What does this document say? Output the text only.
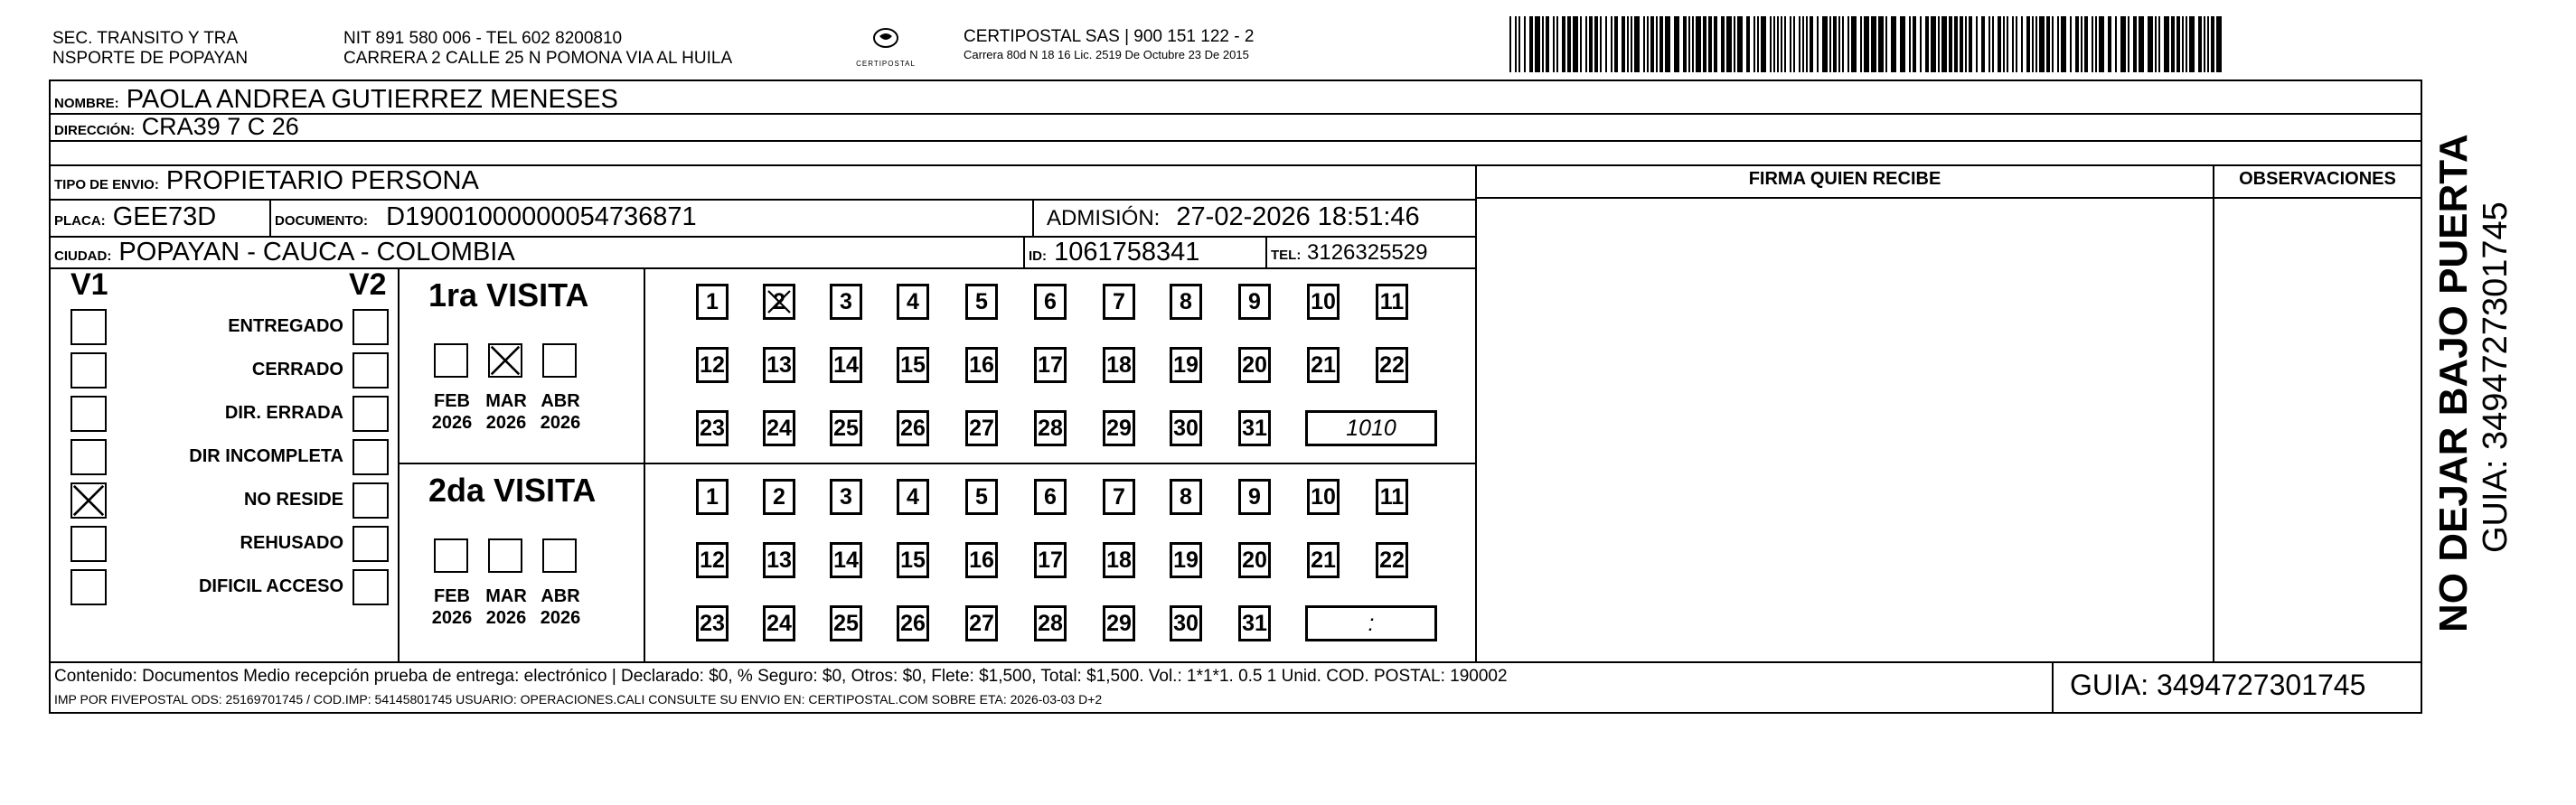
SEC. TRANSITO Y TRA
NSPORTE DE POPAYAN
NIT 891 580 006 - TEL 602 8200810
CARRERA 2 CALLE 25 N POMONA VIA AL HUILA	CERTIPOSTAL
CERTIPOSTAL SAS | 900 151 122 - 2
Carrera 80d N 18 16 Lic. 2519 De Octubre 23 De 2015
NOMBRE: PAOLA ANDREA GUTIERREZ MENESES
DIRECCIÓN: CRA39 7 C 26
TIPO DE ENVIO: PROPIETARIO PERSONA
PLACA: GEE73D	DOCUMENTO: D19001000000054736871	ADMISIÓN: 27-02-2026 18:51:46
CIUDAD: POPAYAN - CAUCA - COLOMBIA	ID: 1061758341	TEL: 3126325529
FIRMA QUIEN RECIBE	OBSERVACIONES
V1	V2
ENTREGADO
CERRADO
DIR. ERRADA
DIR INCOMPLETA
NO RESIDE
REHUSADO
DIFICIL ACCESO
1ra VISITA
FEB
2026
MAR
2026
ABR
2026
1	2	3	4	5	6	7	8	9	10 11
12 13 14 15 16 17 18 19 20 21 22
23 24 25 26 27 28 29 30 31	1010
2da VISITA
FEB
2026
MAR
2026
ABR
2026
1	2	3	4	5	6	7	8	9	10 11
12 13 14 15 16 17 18 19 20 21 22
23 24 25 26 27 28 29 30 31	:
Contenido: Documentos Medio recepción prueba de entrega: electrónico | Declarado: $0, % Seguro: $0, Otros: $0, Flete: $1,500, Total: $1,500. Vol.: 1*1*1. 0.5 1 Unid. COD. POSTAL: 190002
IMP POR FIVEPOSTAL ODS: 25169701745 / COD.IMP: 54145801745 USUARIO: OPERACIONES.CALI CONSULTE SU ENVIO EN: CERTIPOSTAL.COM SOBRE ETA: 2026-03-03 D+2	GUIA: 3494727301745
NO DEJAR BAJO PUERTA GUIA: 3494727301745
